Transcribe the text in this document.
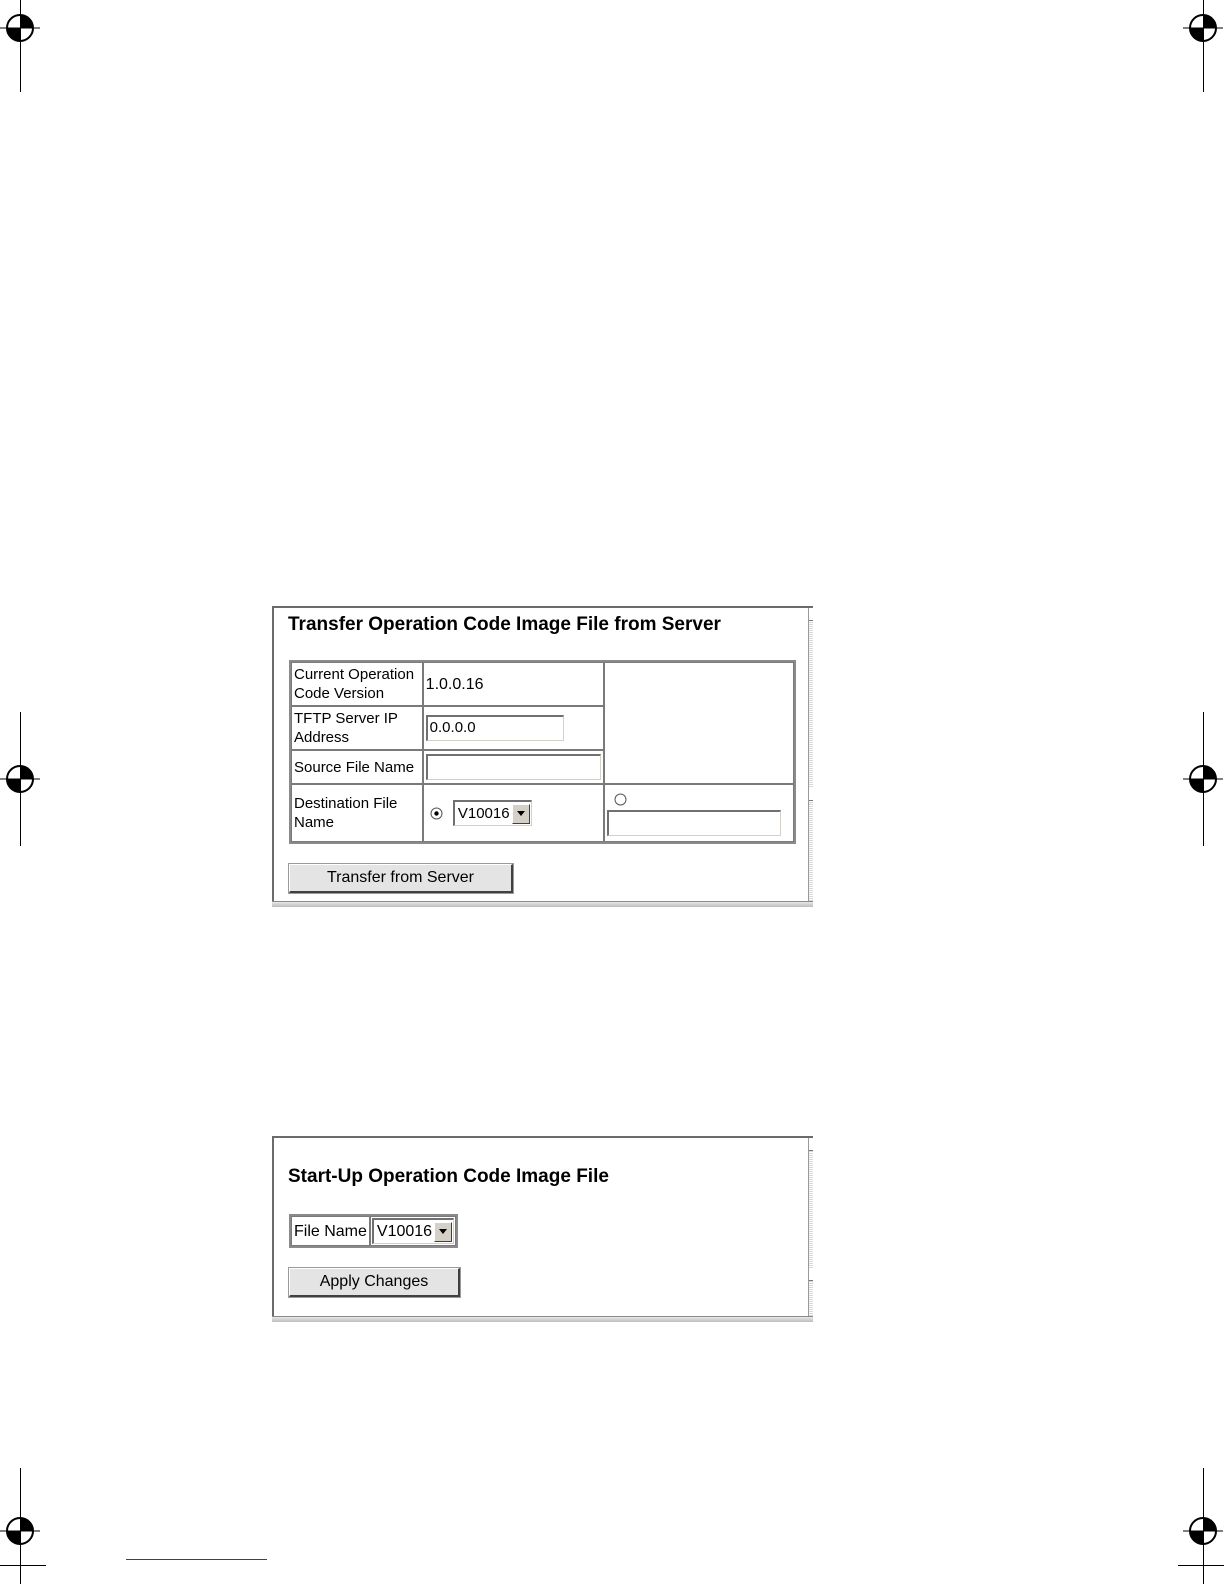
Transfer Operation Code Image File from Server
Current Operation
Code Version	1.0.0.16	

TFTP Server IP
Address	0.0.0.0	
Source File Name		

Destination File
Name	V10016

Transfer from Server
Start-Up Operation Code Image File
File Name	V10016
Apply Changes
